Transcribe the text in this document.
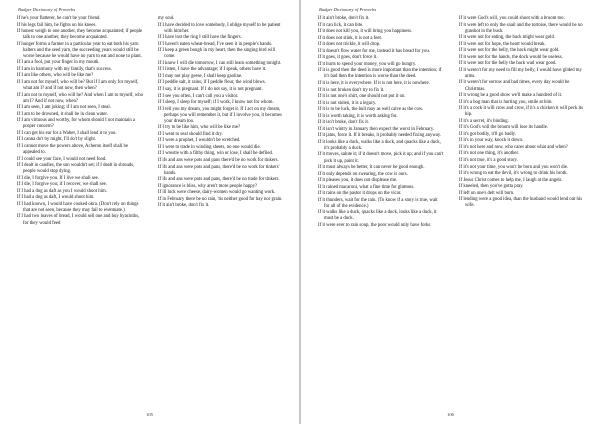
Badger Dictionary of Proverbs
If he's your flatterer, he can't be your friend.
If his legs fail him, he fights on his knees.
If honest weigh to one another, they become acquainted; if people talk to one another, they become acquainted.
If hunger forms a farmer in a particular year to eat both his yarn halters and the seed yarn, the succeeding years would still be worse because he would have no yarn to eat and none to plant.
If I am a fool, put your finger in my mouth.
If I am in harmony with my family, that's success.
If I am like others, who will be like me?
If I am not for myself, who will be? But if I am only for myself, what am I? and if not now, then when?
If I am not to myself, who will be? And when I am to myself, who am I? And if not now, when?
If I am seen, I am joking; if I am not seen, I steal.
If I am to be drowned, it shall be in clean water.
If I am virtuous and worthy, for whom should I not maintain a proper concern?
If I can get his ear for a Walter, I shall lend it to you.
If I canna do't by might, I'll do't by slight.
If I cannot move the powers above, Acheron itself shall be appealed to.
If I could see your face, I would not need food.
If I dealt in candles, the sun wouldn't set; if I dealt in shrouds, people would stop dying.
If I die, I forgive you. If I live we shall see.
If I die, I forgive you; if I recover, we shall see.
If I had a dog as daft as you I would shoot him.
If I had a dog as daft, I would shoot him.
If I had known, I would have cooked okra. (Don't rely on things that are not seen, because they may fail to eventuate.)
If I had two loaves of bread, I would sell one and buy hyacinths, for they would feed
my soul.
If I have decided to love somebody, I oblige myself to be patient with him/her.
If I have lost the ring I still have the fingers.
If I haven't eaten wheat-bread, I've seen it in people's hands.
If I keep a green bough in my heart, then the singing bird will come.
If I know I will die tomorrow, I can still learn something tonight.
If I listen, I have the advantage; if I speak, others have it.
If I may not play geese, I shall keep gaoline.
If I peddle salt, it rains; if I peddle flour, the wind blows.
If I say, it is pregnant. If I do not say, it is not pregnant.
If I see you often, I can't call you a visitor.
If I sleep, I sleep for myself; if I work, I know not for whom.
If I tell you my dream, you might forget it. If I act on my dream, perhaps you will remember it, but if I involve you, it becomes your dream too.
If I try to be like him, who will be like me?
If I went to seal should find it dry.
If I were a prophet, I wouldn't be wretched.
If I were to trade in winding sheets, no one would die.
If I wrestle with a filthy thing, win or lose, I shall be defiled.
If ifs and ans were pots and pans there'd be no work for tinkers.
If ifs and ans were pots and pans, there'd be no work for tinkers' hands.
If ifs and ans were pots and pans, there'd be no trade for tinkers.
If ignorance is bliss, why aren't more people happy?
If ill luck were cheese, dairy-women would go wanting work.
If in February there be no rain, 'tis neither good for hay nor grain.
If it ain't broke, don't fix it.
105
Badger Dictionary of Proverbs
If it ain't broke, don't fix it.
If it can lick, it can bite.
If it does not kill you, it will bring you happiness.
If it does not stink, it is not a feet.
If it does not trickle, it will drop.
If it doesn't flow water for me, instead it has bread for you.
If it goes, it goes, don't force it.
If it hurts to spend your money, you will go hungry.
If it is good then the deed is more important than the intention; if it's bad then the intention is worse than the deed.
If it is here, it is everywhere. If it is not here, it is nowhere.
If it is not broken don't try to fix it.
If it is not one's shirt, one should not put it on.
If it is not stolen, it is a legacy.
If it is to be luck, the bull may as well calve as the cow.
If it is worth taking, it is worth asking for.
If it isn't broke, don't fix it.
If it isn't wintry in January then expect the worst in February.
If it jams, force it. If it breaks, it probably needed fixing anyway.
If it looks like a duck, walks like a duck, and quacks like a duck, it's probably a duck.
If it moves, salute it; if it doesn't move, pick it up; and if you can't pick it up, paint it.
If it must always be better, it can never be good enough.
If it only depends on swearing, the cow is ours.
If it pleases you, it does not displease me.
If it rained macaroni, what a fine time for gluttons.
If it rains on the pastor it drops on the vicar.
If it thunders, wait for the rain. (To know if a story is true, wait for all of the evidence.)
If it walks like a duck, quacks like a duck, looks like a duck, it must be a duck.
If it were ever to rain soup, the poor would only have forks.
If it were God's will, you could shoot with a broom too.
If it were left to only the snail and the tortoise, there would be no gunshot in the bush.
If it were not for eating, the back might wear gold.
If it were not for hope, the heart would break.
If it were not for the belly, the back might wear gold.
If it were not for the hands, the dock would be useless.
If it were not for the belly the back wad wear good.
If it weren't for my need to fill my belly, I would have gilded my arms.
If it weren't for sorrow and bad times, every day would be Christmas.
If it wrong be a good show we'll make a hundred of it.
If it's a bog man that is hurting you, smile at him.
If it's a cock it will crow and crow, if it's a chicken it will peck its hip.
If it's a secret, it's binding.
If it's God's will the broom will lose its handle.
If it's got bodily, it'll go badly.
If it's in your way, knock it down.
If it's not here and now, who cares about what and when?
If it's not one thing, it's another.
If it's not true, it's a good story.
If it's not your time, you won't be born and you won't die.
If it's wrong to eat the devil, it's wrong to drink his broth.
If Jesus Christ comes to help me, I laugh at the angels.
If kneeled, then you've gotta pray.
If left on one's delt will burn.
If lending were a good idea, than the husband would lend out his wife.
106
